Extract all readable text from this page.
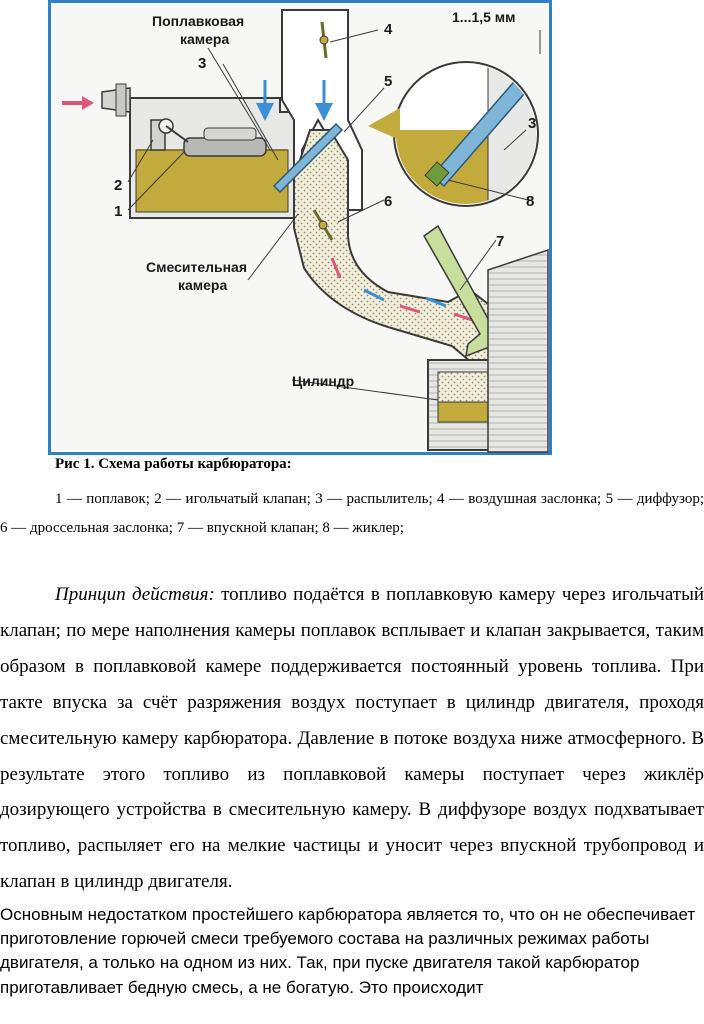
Поплавковая
камера
3
4
5
6
7
8
3
1...1,5 мм
2
1
Смесительная
камера
Цилиндр
Рис 1. Схема работы карбюратора:

1 — поплавок; 2 — игольчатый клапан; 3 — распылитель; 4 — воздушная заслонка; 5 — диффузор; 6 — дроссельная заслонка; 7 — впускной клапан; 8 — жиклер;

Принцип действия: топливо подаётся в поплавковую камеру через игольчатый клапан; по мере наполнения камеры поплавок всплывает и клапан закрывается, таким образом в поплавковой камере поддерживается постоянный уровень топлива. При такте впуска за счёт разряжения воздух поступает в цилиндр двигателя, проходя смесительную камеру карбюратора. Давление в потоке воздуха ниже атмосферного. В результате этого топливо из поплавковой камеры поступает через жиклёр дозирующего устройства в смесительную камеру. В диффузоре воздух подхватывает топливо, распыляет его на мелкие частицы и уносит через впускной трубопровод и клапан в цилиндр двигателя.

Основным недостатком простейшего карбюратора является то, что он не обеспечивает приготовление горючей смеси требуемого состава на различных режимах работы двигателя, а только на одном из них. Так, при пуске двигателя такой карбюратор приготавливает бедную смесь, а не богатую. Это происходит
